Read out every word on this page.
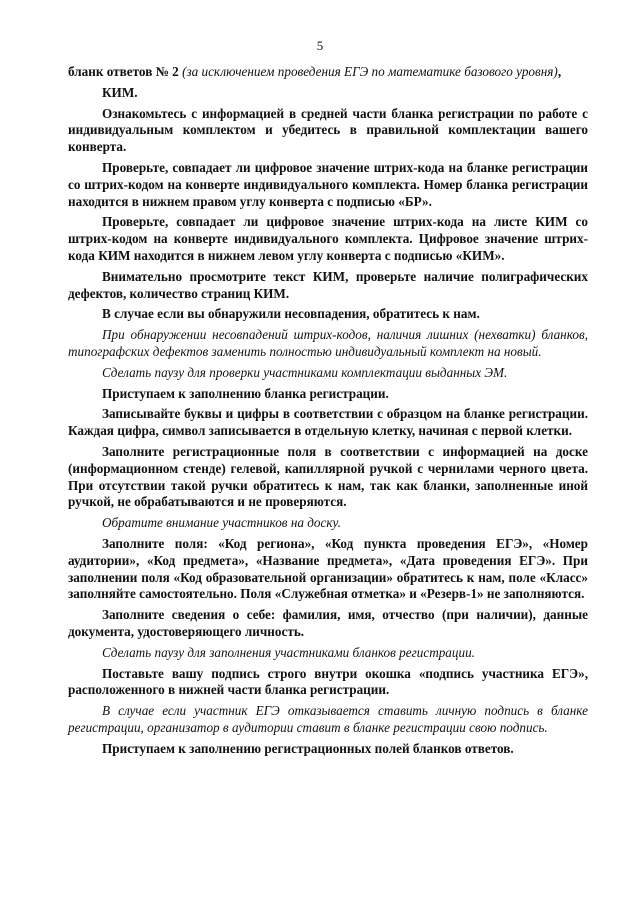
5

бланк ответов № 2 (за исключением проведения ЕГЭ по математике базового уровня),

КИМ.

Ознакомьтесь с информацией в средней части бланка регистрации по работе с индивидуальным комплектом и убедитесь в правильной комплектации вашего конверта.

Проверьте, совпадает ли цифровое значение штрих-кода на бланке регистрации со штрих-кодом на конверте индивидуального комплекта. Номер бланка регистрации находится в нижнем правом углу конверта с подписью «БР».

Проверьте, совпадает ли цифровое значение штрих-кода на листе КИМ со штрих-кодом на конверте индивидуального комплекта. Цифровое значение штрих-кода КИМ находится в нижнем левом углу конверта с подписью «КИМ».

Внимательно просмотрите текст КИМ, проверьте наличие полиграфических дефектов, количество страниц КИМ.

В случае если вы обнаружили несовпадения, обратитесь к нам.

При обнаружении несовпадений штрих-кодов, наличия лишних (нехватки) бланков, типографских дефектов заменить полностью индивидуальный комплект на новый.

Сделать паузу для проверки участниками комплектации выданных ЭМ.

Приступаем к заполнению бланка регистрации.

Записывайте буквы и цифры в соответствии с образцом на бланке регистрации. Каждая цифра, символ записывается в отдельную клетку, начиная с первой клетки.

Заполните регистрационные поля в соответствии с информацией на доске (информационном стенде) гелевой, капиллярной ручкой с чернилами черного цвета. При отсутствии такой ручки обратитесь к нам, так как бланки, заполненные иной ручкой, не обрабатываются и не проверяются.

Обратите внимание участников на доску.

Заполните поля: «Код региона», «Код пункта проведения ЕГЭ», «Номер аудитории», «Код предмета», «Название предмета», «Дата проведения ЕГЭ». При заполнении поля «Код образовательной организации» обратитесь к нам, поле «Класс» заполняйте самостоятельно. Поля «Служебная отметка» и «Резерв-1» не заполняются.

Заполните сведения о себе: фамилия, имя, отчество (при наличии), данные документа, удостоверяющего личность.

Сделать паузу для заполнения участниками бланков регистрации.

Поставьте вашу подпись строго внутри окошка «подпись участника ЕГЭ», расположенного в нижней части бланка регистрации.

В случае если участник ЕГЭ отказывается ставить личную подпись в бланке регистрации, организатор в аудитории ставит в бланке регистрации свою подпись.

Приступаем к заполнению регистрационных полей бланков ответов.
